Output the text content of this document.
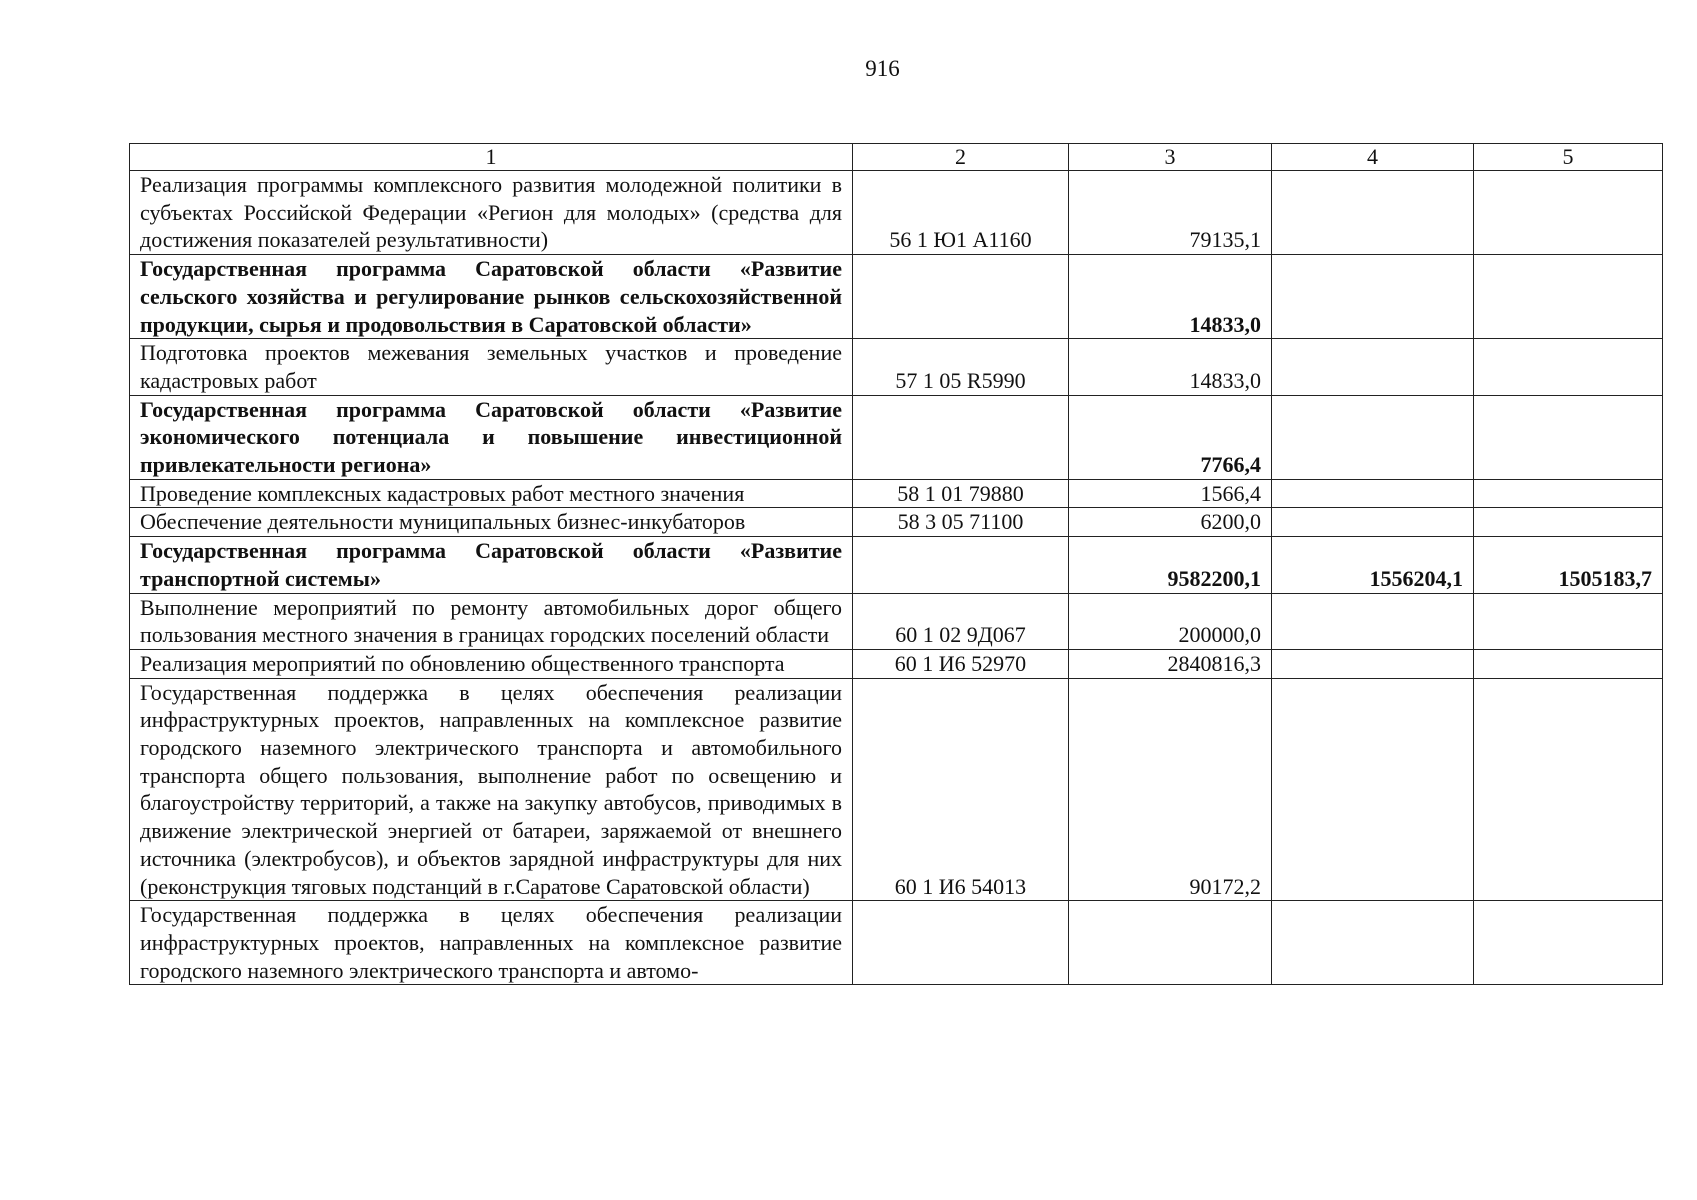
916
1	2	3	4	5
Реализация программы комплексного развития молодежной политики в субъектах Российской Федерации «Регион для молодых» (средства для достижения показателей результативности)	56 1 Ю1 А1160	79135,1		
Государственная программа Саратовской области «Развитие сельского хозяйства и регулирование рынков сельскохозяйственной продукции, сырья и продовольствия в Саратовской области»		14833,0		
Подготовка проектов межевания земельных участков и проведение кадастровых работ	57 1 05 R5990	14833,0		
Государственная программа Саратовской области «Развитие экономического потенциала и повышение инвестиционной привлекательности региона»		7766,4		
Проведение комплексных кадастровых работ местного значения	58 1 01 79880	1566,4		
Обеспечение деятельности муниципальных бизнес-инкубаторов	58 3 05 71100	6200,0		
Государственная программа Саратовской области «Развитие транспортной системы»		9582200,1	1556204,1	1505183,7
Выполнение мероприятий по ремонту автомобильных дорог общего пользования местного значения в границах городских поселений области	60 1 02 9Д067	200000,0		
Реализация мероприятий по обновлению общественного транспорта	60 1 И6 52970	2840816,3		
Государственная поддержка в целях обеспечения реализации инфраструктурных проектов, направленных на комплексное развитие городского наземного электрического транспорта и автомобильного транспорта общего пользования, выполнение работ по освещению и благоустройству территорий, а также на закупку автобусов, приводимых в движение электрической энергией от батареи, заряжаемой от внешнего источника (электробусов), и объектов зарядной инфраструктуры для них (реконструкция тяговых подстанций в г.Саратове Саратовской области)	60 1 И6 54013	90172,2		
Государственная поддержка в целях обеспечения реализации инфраструктурных проектов, направленных на комплексное развитие городского наземного электрического транспорта и автомо-				
